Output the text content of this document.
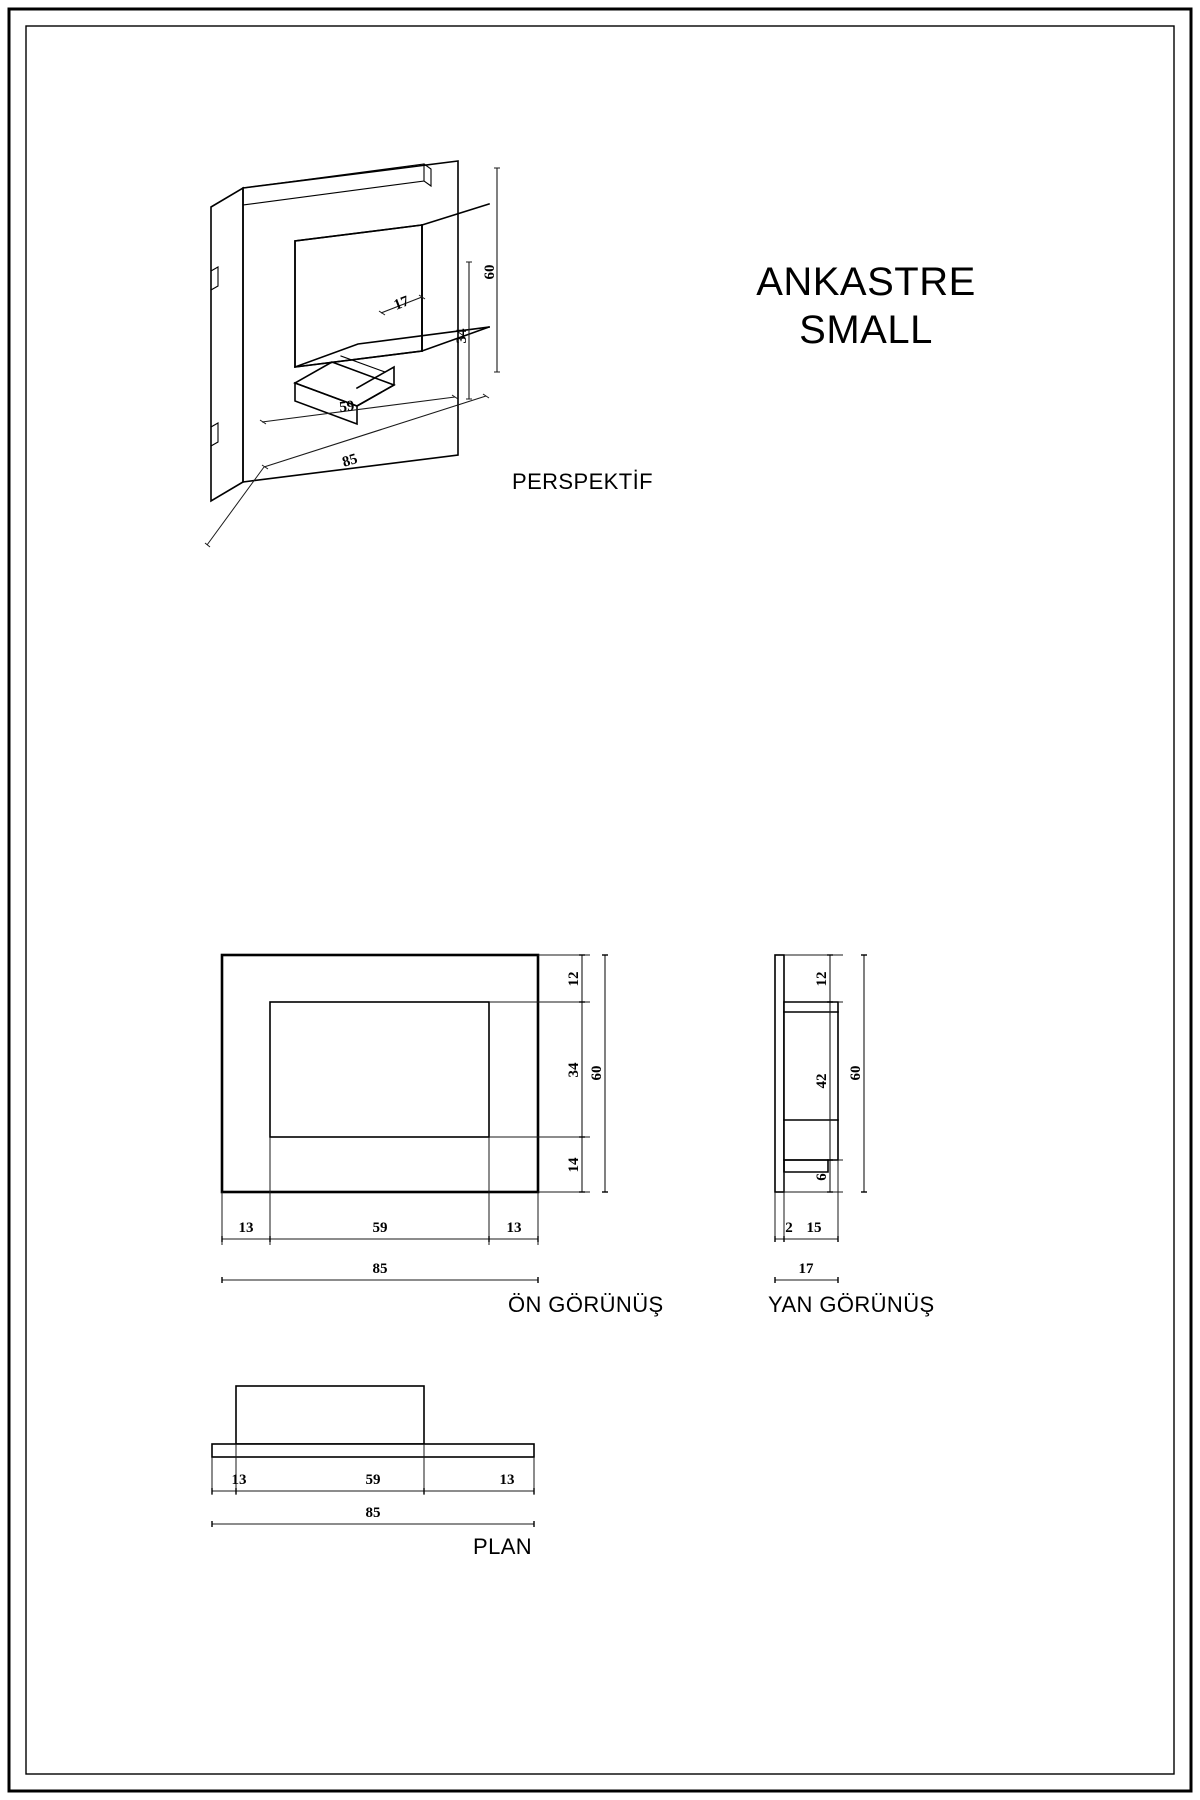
17
59
85
34
60
PERSPEKTİF
ANKASTRE
SMALL
12
34
14
60
13	59	13
85
ÖN GÖRÜNÜŞ
12
42
6
60
2 15
17
YAN GÖRÜNÜŞ
13	59	13
85
PLAN
